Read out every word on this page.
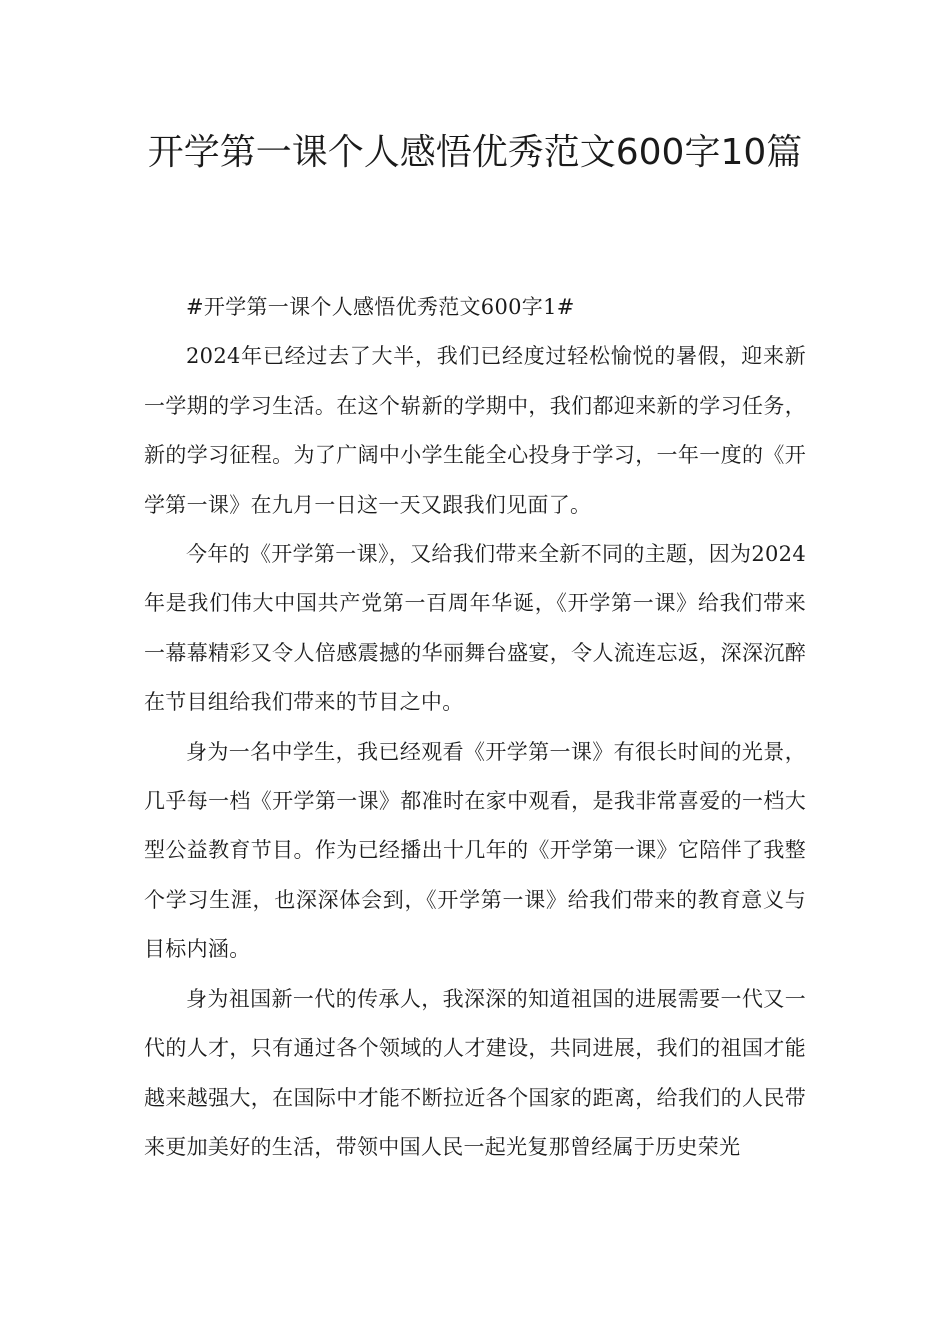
开学第一课个人感悟优秀范文600字10篇

#开学第一课个人感悟优秀范文600字1#

2024年已经过去了大半，我们已经度过轻松愉悦的暑假，迎来新一学期的学习生活。在这个崭新的学期中，我们都迎来新的学习任务，新的学习征程。为了广阔中小学生能全心投身于学习，一年一度的《开学第一课》在九月一日这一天又跟我们见面了。

今年的《开学第一课》，又给我们带来全新不同的主题，因为2024年是我们伟大中国共产党第一百周年华诞，《开学第一课》给我们带来一幕幕精彩又令人倍感震撼的华丽舞台盛宴，令人流连忘返，深深沉醉在节目组给我们带来的节目之中。

身为一名中学生，我已经观看《开学第一课》有很长时间的光景，几乎每一档《开学第一课》都准时在家中观看，是我非常喜爱的一档大型公益教育节目。作为已经播出十几年的《开学第一课》它陪伴了我整个学习生涯，也深深体会到，《开学第一课》给我们带来的教育意义与目标内涵。

身为祖国新一代的传承人，我深深的知道祖国的进展需要一代又一代的人才，只有通过各个领域的人才建设，共同进展，我们的祖国才能越来越强大，在国际中才能不断拉近各个国家的距离，给我们的人民带来更加美好的生活，带领中国人民一起光复那曾经属于历史荣光
